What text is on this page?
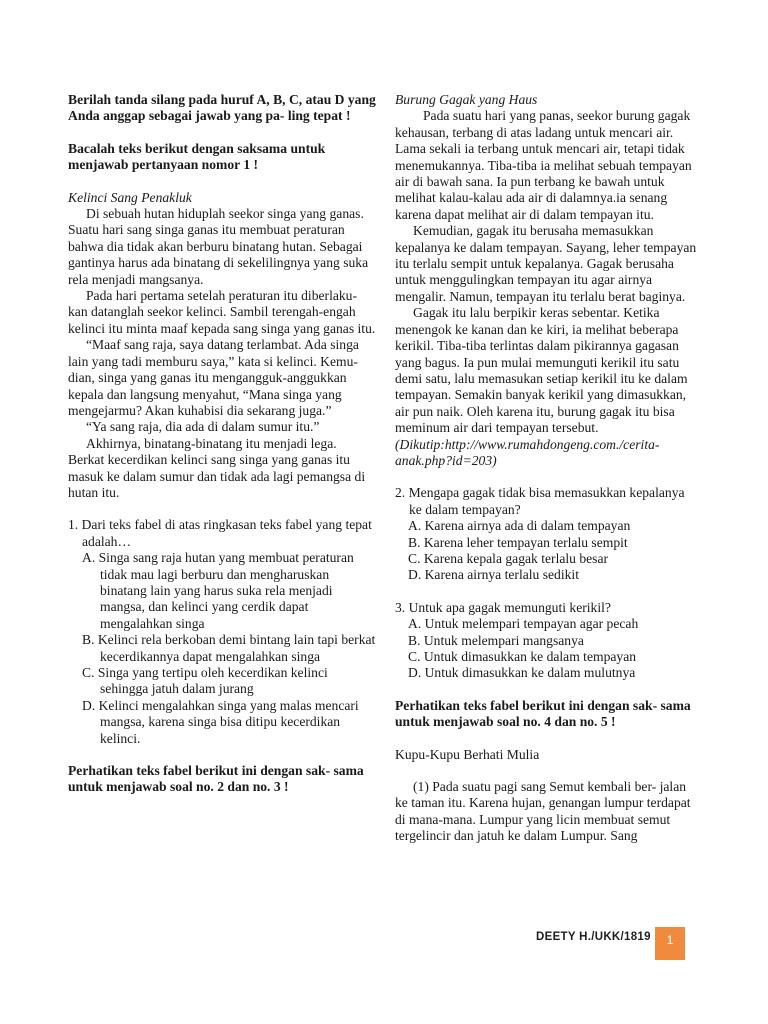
Berilah tanda silang pada huruf A, B, C, atau D yang Anda anggap sebagai jawab yang pa- ling tepat !

Bacalah teks berikut dengan saksama untuk menjawab pertanyaan nomor 1 !

Kelinci Sang Penakluk

Di sebuah hutan hiduplah seekor singa yang ganas. Suatu hari sang singa ganas itu membuat peraturan bahwa dia tidak akan berburu binatang hutan. Sebagai gantinya harus ada binatang di sekelilingnya yang suka rela menjadi mangsanya.

Pada hari pertama setelah peraturan itu diberlaku- kan datanglah seekor kelinci. Sambil terengah-engah kelinci itu minta maaf kepada sang singa yang ganas itu.

“Maaf sang raja, saya datang terlambat. Ada singa lain yang tadi memburu saya,” kata si kelinci. Kemu- dian, singa yang ganas itu mengangguk-anggukkan kepala dan langsung menyahut, “Mana singa yang mengejarmu? Akan kuhabisi dia sekarang juga.”

“Ya sang raja, dia ada di dalam sumur itu.”

Akhirnya, binatang-binatang itu menjadi lega. Berkat kecerdikan kelinci sang singa yang ganas itu masuk ke dalam sumur dan tidak ada lagi pemangsa di hutan itu.

1. Dari teks fabel di atas ringkasan teks fabel yang tepat adalah…

A. Singa sang raja hutan yang membuat peraturan tidak mau lagi berburu dan mengharuskan binatang lain yang harus suka rela menjadi mangsa, dan kelinci yang cerdik dapat mengalahkan singa

B. Kelinci rela berkoban demi bintang lain tapi berkat kecerdikannya dapat mengalahkan singa

C. Singa yang tertipu oleh kecerdikan kelinci sehingga jatuh dalam jurang

D. Kelinci mengalahkan singa yang malas mencari mangsa, karena singa bisa ditipu kecerdikan kelinci.

Perhatikan teks fabel berikut ini dengan sak- sama untuk menjawab soal no. 2 dan no. 3 !

Burung Gagak yang Haus

Pada suatu hari yang panas, seekor burung gagak kehausan, terbang di atas ladang untuk mencari air. Lama sekali ia terbang untuk mencari air, tetapi tidak menemukannya. Tiba-tiba ia melihat sebuah tempayan air di bawah sana. Ia pun terbang ke bawah untuk melihat kalau-kalau ada air di dalamnya.ia senang karena dapat melihat air di dalam tempayan itu.

Kemudian, gagak itu berusaha memasukkan kepalanya ke dalam tempayan. Sayang, leher tempayan itu terlalu sempit untuk kepalanya. Gagak berusaha untuk menggulingkan tempayan itu agar airnya mengalir. Namun, tempayan itu terlalu berat baginya.

Gagak itu lalu berpikir keras sebentar. Ketika menengok ke kanan dan ke kiri, ia melihat beberapa kerikil. Tiba-tiba terlintas dalam pikirannya gagasan yang bagus. Ia pun mulai memunguti kerikil itu satu demi satu, lalu memasukan setiap kerikil itu ke dalam tempayan. Semakin banyak kerikil yang dimasukkan, air pun naik. Oleh karena itu, burung gagak itu bisa meminum air dari tempayan tersebut.

(Dikutip:http://www.rumahdongeng.com./cerita- anak.php?id=203)

2. Mengapa gagak tidak bisa memasukkan kepalanya ke dalam tempayan?

A. Karena airnya ada di dalam tempayan

B. Karena leher tempayan terlalu sempit

C. Karena kepala gagak terlalu besar

D. Karena airnya terlalu sedikit

3. Untuk apa gagak memunguti kerikil?

A. Untuk melempari tempayan agar pecah

B. Untuk melempari mangsanya

C. Untuk dimasukkan ke dalam tempayan

D. Untuk dimasukkan ke dalam mulutnya

Perhatikan teks fabel berikut ini dengan sak- sama untuk menjawab soal no. 4 dan no. 5 !

Kupu-Kupu Berhati Mulia

(1) Pada suatu pagi sang Semut kembali ber- jalan ke taman itu. Karena hujan, genangan lumpur terdapat di mana-mana. Lumpur yang licin membuat semut tergelincir dan jatuh ke dalam Lumpur. Sang

DEETY H./UKK/1819 1
